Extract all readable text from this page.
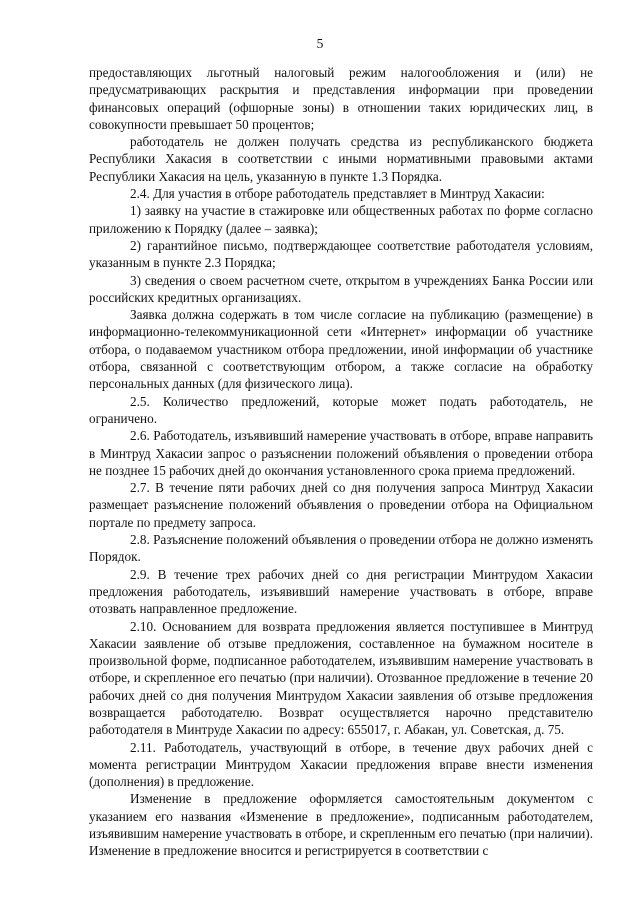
5

предоставляющих льготный налоговый режим налогообложения и (или) не предусматривающих раскрытия и представления информации при проведении финансовых операций (офшорные зоны) в отношении таких юридических лиц, в совокупности превышает 50 процентов;

работодатель не должен получать средства из республиканского бюджета Республики Хакасия в соответствии с иными нормативными правовыми актами Республики Хакасия на цель, указанную в пункте 1.3 Порядка.

2.4. Для участия в отборе работодатель представляет в Минтруд Хакасии:

1) заявку на участие в стажировке или общественных работах по форме согласно приложению к Порядку (далее – заявка);

2) гарантийное письмо, подтверждающее соответствие работодателя условиям, указанным в пункте 2.3 Порядка;

3) сведения о своем расчетном счете, открытом в учреждениях Банка России или российских кредитных организациях.

Заявка должна содержать в том числе согласие на публикацию (размещение) в информационно-телекоммуникационной сети «Интернет» информации об участнике отбора, о подаваемом участником отбора предложении, иной информации об участнике отбора, связанной с соответствующим отбором, а также согласие на обработку персональных данных (для физического лица).

2.5. Количество предложений, которые может подать работодатель, не ограничено.

2.6. Работодатель, изъявивший намерение участвовать в отборе, вправе направить в Минтруд Хакасии запрос о разъяснении положений объявления о проведении отбора не позднее 15 рабочих дней до окончания установленного срока приема предложений.

2.7. В течение пяти рабочих дней со дня получения запроса Минтруд Хакасии размещает разъяснение положений объявления о проведении отбора на Официальном портале по предмету запроса.

2.8. Разъяснение положений объявления о проведении отбора не должно изменять Порядок.

2.9. В течение трех рабочих дней со дня регистрации Минтрудом Хакасии предложения работодатель, изъявивший намерение участвовать в отборе, вправе отозвать направленное предложение.

2.10. Основанием для возврата предложения является поступившее в Минтруд Хакасии заявление об отзыве предложения, составленное на бумажном носителе в произвольной форме, подписанное работодателем, изъявившим намерение участвовать в отборе, и скрепленное его печатью (при наличии). Отозванное предложение в течение 20 рабочих дней со дня получения Минтрудом Хакасии заявления об отзыве предложения возвращается работодателю. Возврат осуществляется нарочно представителю работодателя в Минтруде Хакасии по адресу: 655017, г. Абакан, ул. Советская, д. 75.

2.11. Работодатель, участвующий в отборе, в течение двух рабочих дней с момента регистрации Минтрудом Хакасии предложения вправе внести изменения (дополнения) в предложение.

Изменение в предложение оформляется самостоятельным документом с указанием его названия «Изменение в предложение», подписанным работодателем, изъявившим намерение участвовать в отборе, и скрепленным его печатью (при наличии). Изменение в предложение вносится и регистрируется в соответствии с
